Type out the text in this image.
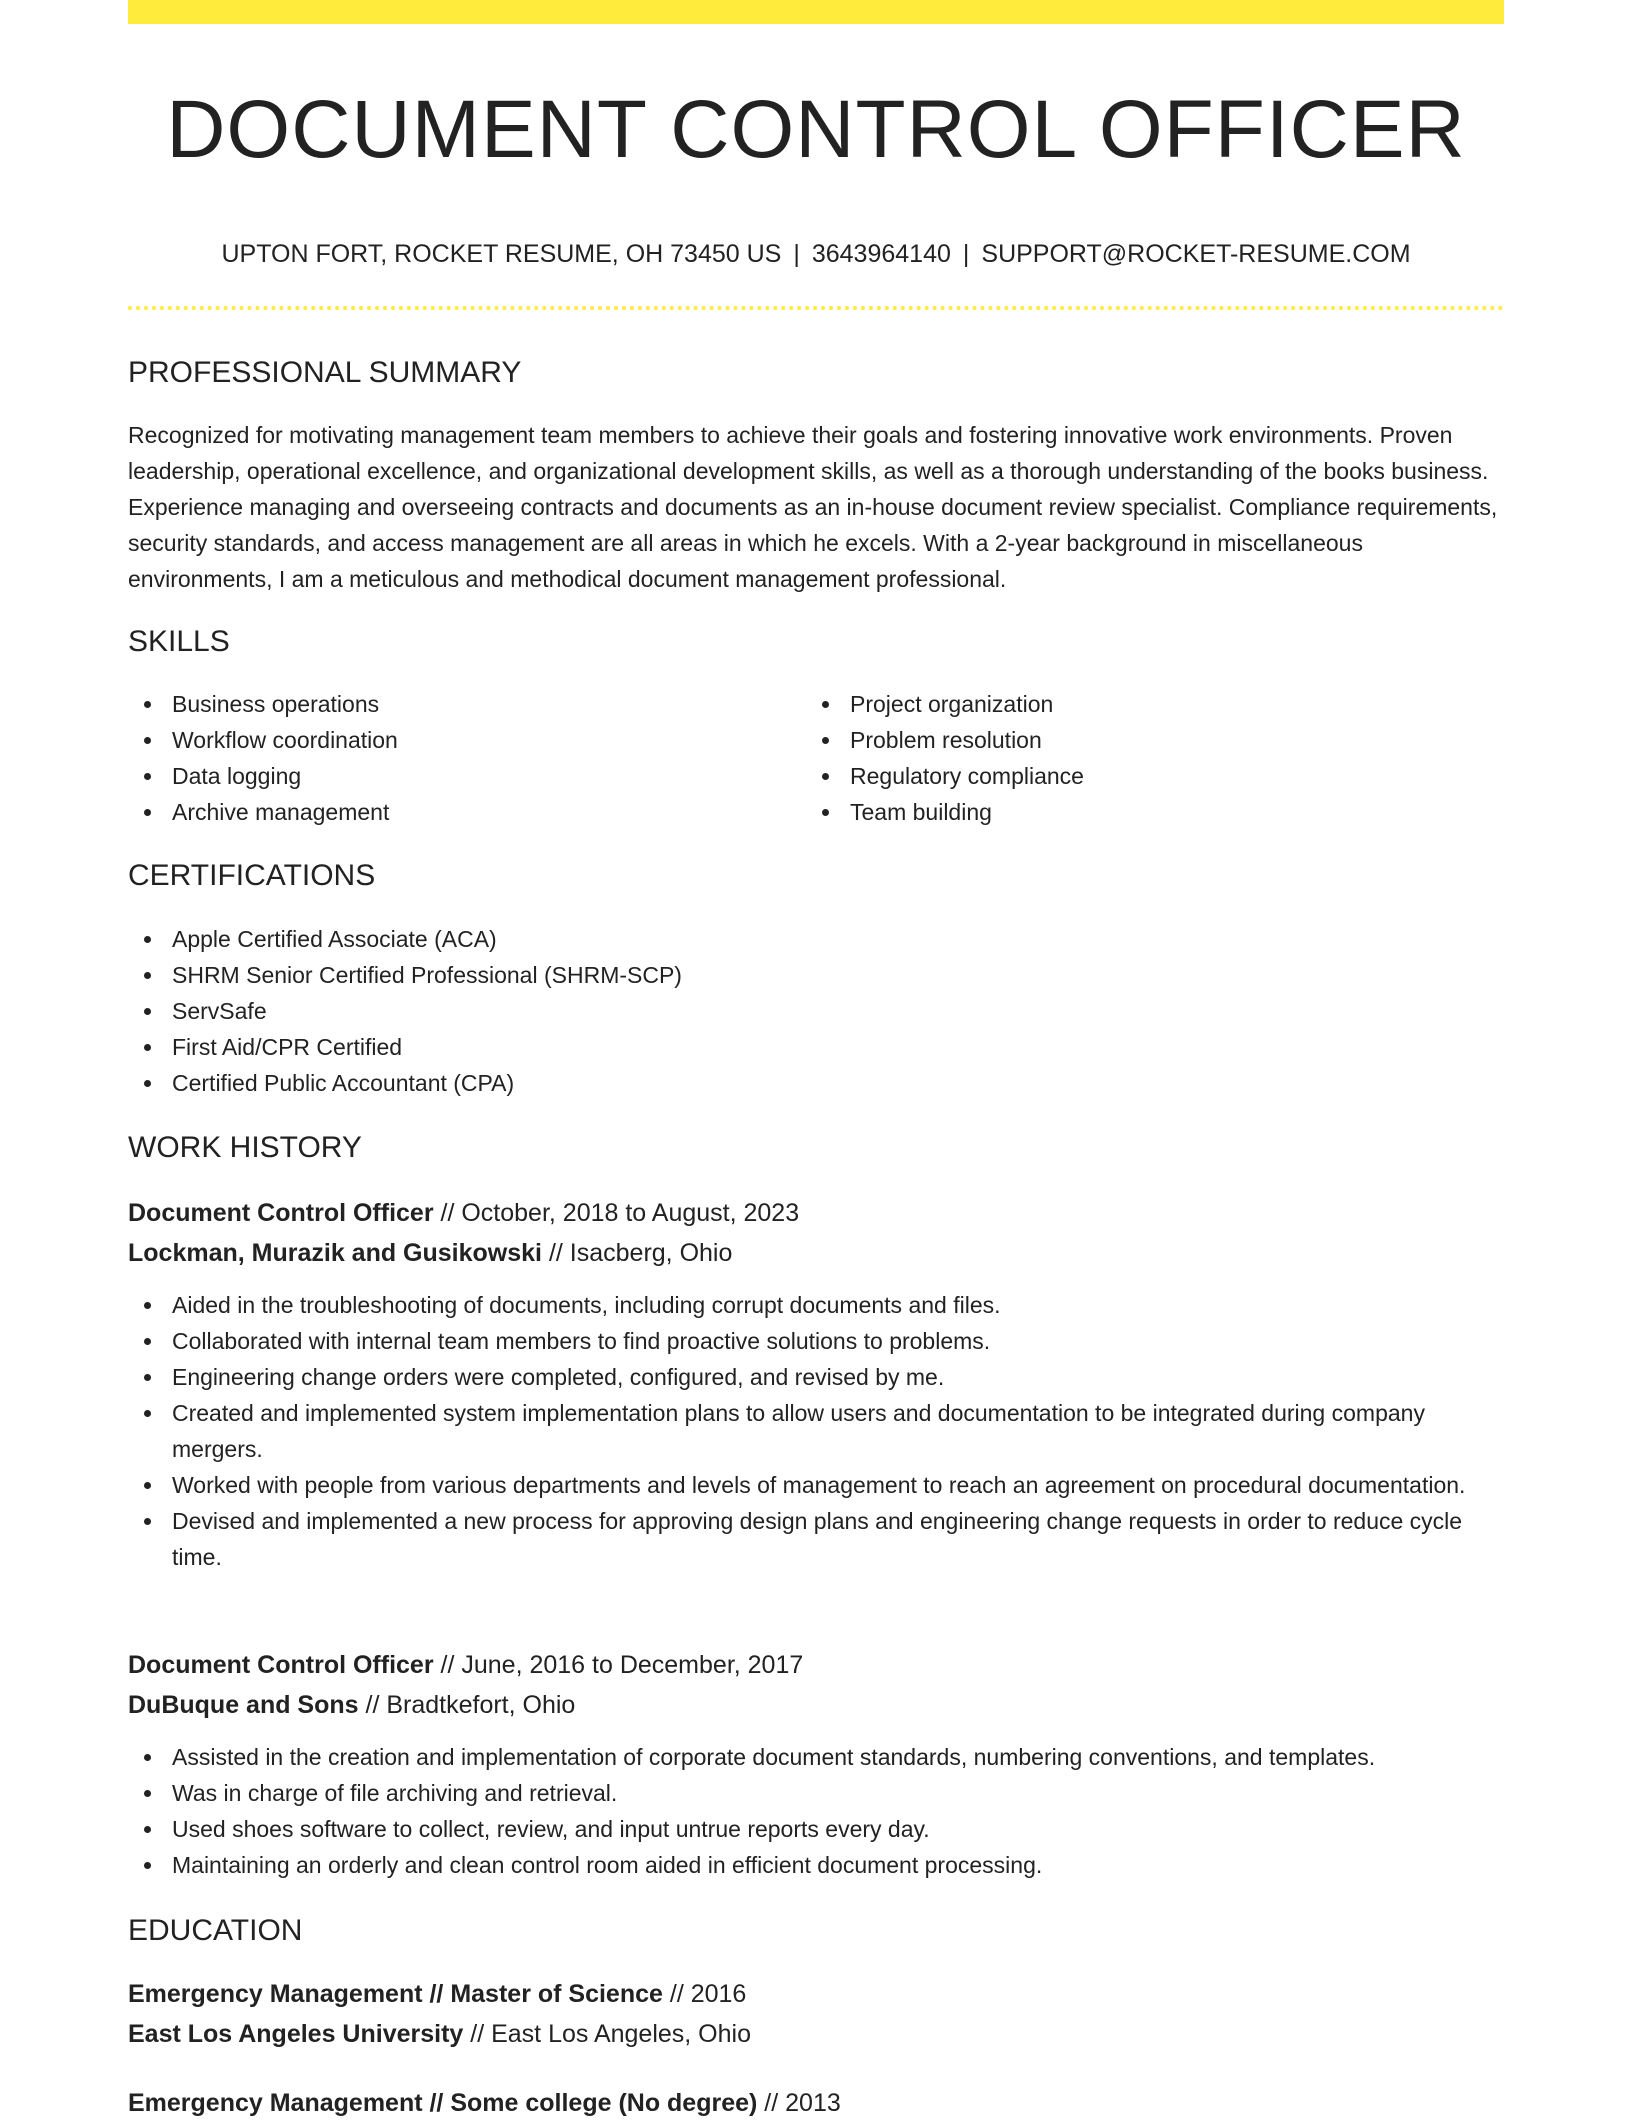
DOCUMENT CONTROL OFFICER
UPTON FORT, ROCKET RESUME, OH 73450 US | 3643964140 | SUPPORT@ROCKET-RESUME.COM
PROFESSIONAL SUMMARY

Recognized for motivating management team members to achieve their goals and fostering innovative work environments. Proven leadership, operational excellence, and organizational development skills, as well as a thorough understanding of the books business. Experience managing and overseeing contracts and documents as an in-house document review specialist. Compliance requirements, security standards, and access management are all areas in which he excels. With a 2-year background in miscellaneous environments, I am a meticulous and methodical document management professional.

SKILLS
Business operations
Workflow coordination
Data logging
Archive management
Project organization
Problem resolution
Regulatory compliance
Team building
CERTIFICATIONS
Apple Certified Associate (ACA)
SHRM Senior Certified Professional (SHRM-SCP)
ServSafe
First Aid/CPR Certified
Certified Public Accountant (CPA)
WORK HISTORY
Document Control Officer // October, 2018 to August, 2023
Lockman, Murazik and Gusikowski // Isacberg, Ohio
Aided in the troubleshooting of documents, including corrupt documents and files.
Collaborated with internal team members to find proactive solutions to problems.
Engineering change orders were completed, configured, and revised by me.
Created and implemented system implementation plans to allow users and documentation to be integrated during company mergers.
Worked with people from various departments and levels of management to reach an agreement on procedural documentation.
Devised and implemented a new process for approving design plans and engineering change requests in order to reduce cycle time.
Document Control Officer // June, 2016 to December, 2017
DuBuque and Sons // Bradtkefort, Ohio
Assisted in the creation and implementation of corporate document standards, numbering conventions, and templates.
Was in charge of file archiving and retrieval.
Used shoes software to collect, review, and input untrue reports every day.
Maintaining an orderly and clean control room aided in efficient document processing.
EDUCATION
Emergency Management // Master of Science // 2016
East Los Angeles University // East Los Angeles, Ohio
Emergency Management // Some college (No degree) // 2013
